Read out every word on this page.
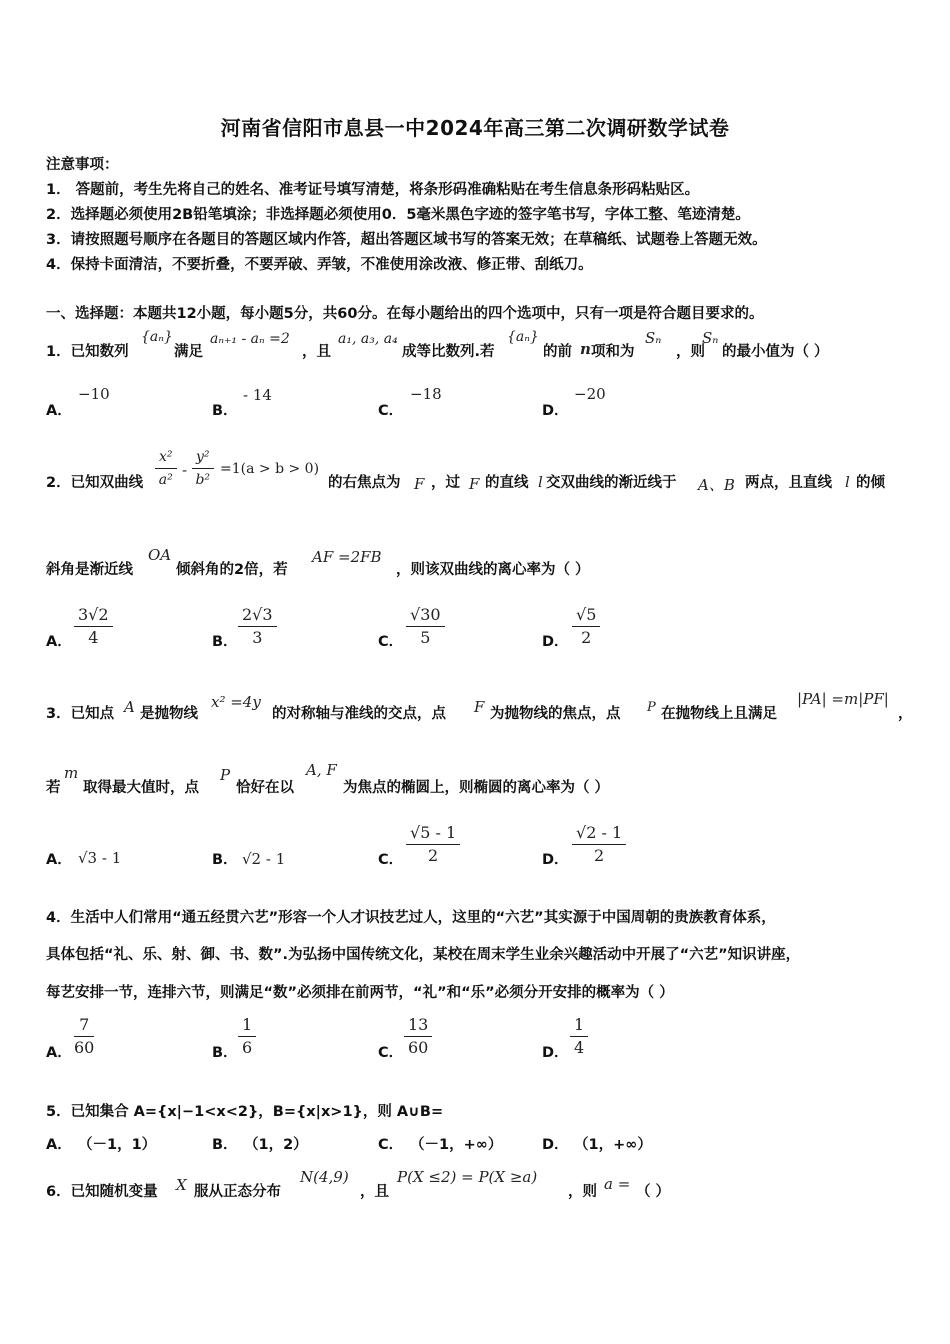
河南省信阳市息县一中2024年高三第二次调研数学试卷
注意事项：
1． 答题前，考生先将自己的姓名、准考证号填写清楚，将条形码准确粘贴在考生信息条形码粘贴区。
2．选择题必须使用2B铅笔填涂；非选择题必须使用0．5毫米黑色字迹的签字笔书写，字体工整、笔迹清楚。
3．请按照题号顺序在各题目的答题区域内作答，超出答题区域书写的答案无效；在草稿纸、试题卷上答题无效。
4．保持卡面清洁，不要折叠，不要弄破、弄皱，不准使用涂改液、修正带、刮纸刀。
一、选择题：本题共12小题，每小题5分，共60分。在每小题给出的四个选项中，只有一项是符合题目要求的。
1．已知数列
{aₙ}
满足
aₙ₊₁ - aₙ =2
，且
a₁, a₃, a₄
成等比数列.若
{aₙ}
的前 n 项和为
Sₙ
，则
Sₙ
的最小值为（ ）
A．
−10
B．
- 14
C．
−18
D．
−20
2．已知双曲线 $\frac{\text{x²}}{\text{a²}} - \frac{\text{y²}}{\text{b²}} =1(a > b > 0)$
的右焦点为 F ，过 F 的直线 l 交双曲线的渐近线于 A、B 两点，且直线 l 的倾
斜角是渐近线
OA
倾斜角的2倍，若
AF =2FB
，则该双曲线的离心率为（ ）
A． $\frac{3√2}{4}$	B． $\frac{2√3}{3}$	C． $\frac{√30}{5}$	D． $\frac{√5}{2}$
3．已知点 A 是抛物线
x² =4y
的对称轴与准线的交点，点 F 为抛物线的焦点，点 P 在抛物线上且满足
|PA| =m|PF|
，
若
m
取得最大值时，点
P
恰好在以
A, F
为焦点的椭圆上，则椭圆的离心率为（ ）
A． √3 - 1	B． √2 - 1	C． $\frac{√5 - 1}{2}$	D． $\frac{√2 - 1}{2}$
4．生活中人们常用“通五经贯六艺”形容一个人才识技艺过人，这里的“六艺”其实源于中国周朝的贵族教育体系，
具体包括“礼、乐、射、御、书、数”.为弘扬中国传统文化，某校在周末学生业余兴趣活动中开展了“六艺”知识讲座，
每艺安排一节，连排六节，则满足“数”必须排在前两节，“礼”和“乐”必须分开安排的概率为（ ）
A． $\frac{7}{60}$	B． $\frac{1}{6}$	C． $\frac{13}{60}$	D． $\frac{1}{4}$
5．已知集合 A={x|−1<x<2}，B={x|x>1}，则 A∪B=
A． （－1，1）	B． （1，2）	C． （－1，+∞）	D． （1，+∞）
6．已知随机变量 X 服从正态分布
N(4,9)
，且
P(X ≤2) = P(X ≥a)
，则 a = （ ）
